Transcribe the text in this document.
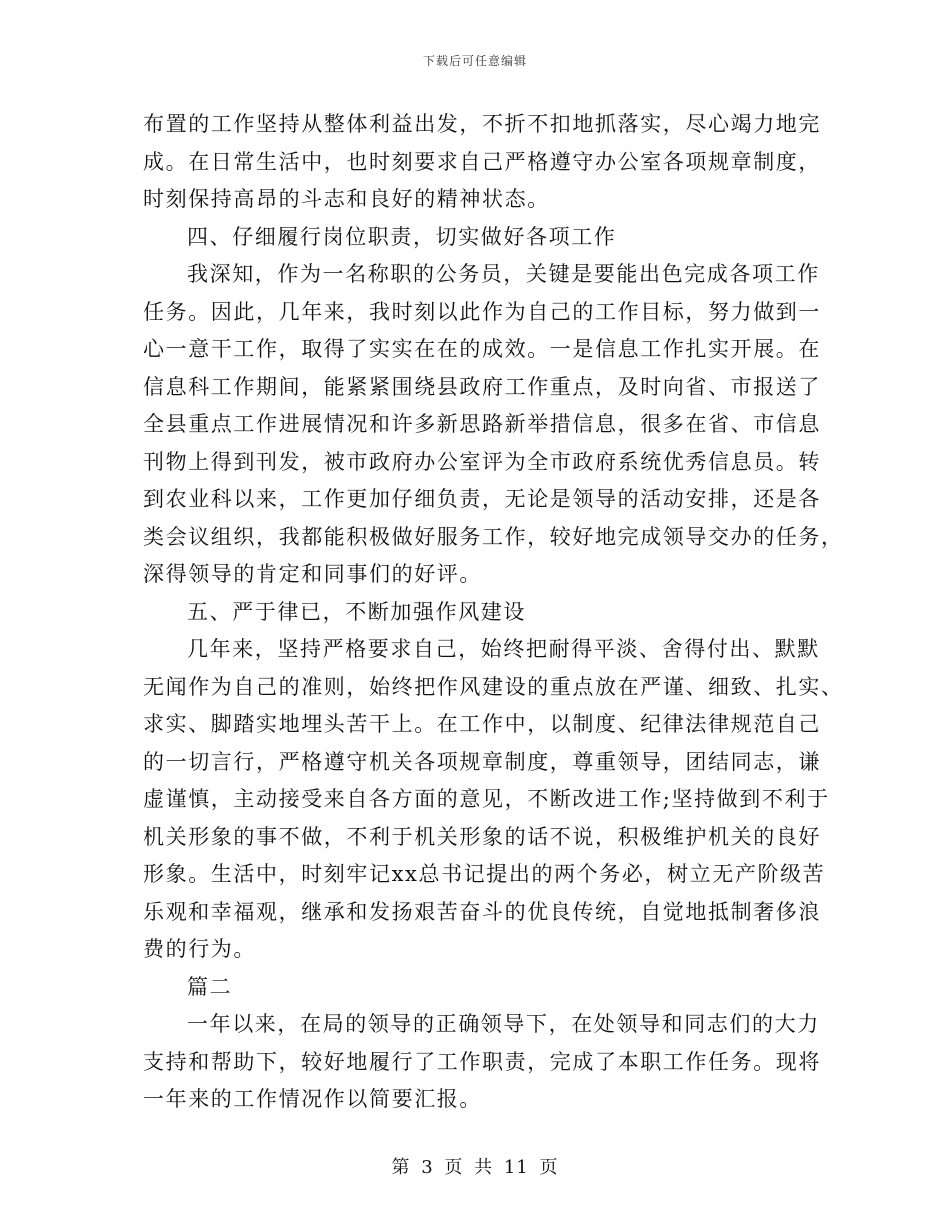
下载后可任意编辑
布置的工作坚持从整体利益出发，不折不扣地抓落实，尽心竭力地完
成。在日常生活中，也时刻要求自己严格遵守办公室各项规章制度，
时刻保持高昂的斗志和良好的精神状态。
四、仔细履行岗位职责，切实做好各项工作
我深知，作为一名称职的公务员，关键是要能出色完成各项工作
任务。因此，几年来，我时刻以此作为自己的工作目标，努力做到一
心一意干工作，取得了实实在在的成效。一是信息工作扎实开展。在
信息科工作期间，能紧紧围绕县政府工作重点，及时向省、市报送了
全县重点工作进展情况和许多新思路新举措信息，很多在省、市信息
刊物上得到刊发，被市政府办公室评为全市政府系统优秀信息员。转
到农业科以来，工作更加仔细负责，无论是领导的活动安排，还是各
类会议组织，我都能积极做好服务工作，较好地完成领导交办的任务，
深得领导的肯定和同事们的好评。
五、严于律已，不断加强作风建设
几年来，坚持严格要求自己，始终把耐得平淡、舍得付出、默默
无闻作为自己的准则，始终把作风建设的重点放在严谨、细致、扎实、
求实、脚踏实地埋头苦干上。在工作中，以制度、纪律法律规范自己
的一切言行，严格遵守机关各项规章制度，尊重领导，团结同志，谦
虚谨慎，主动接受来自各方面的意见，不断改进工作;坚持做到不利于
机关形象的事不做，不利于机关形象的话不说，积极维护机关的良好
形象。生活中，时刻牢记xx总书记提出的两个务必，树立无产阶级苦
乐观和幸福观，继承和发扬艰苦奋斗的优良传统，自觉地抵制奢侈浪
费的行为。
篇二
一年以来，在局的领导的正确领导下，在处领导和同志们的大力
支持和帮助下，较好地履行了工作职责，完成了本职工作任务。现将
一年来的工作情况作以简要汇报。
第 3 页 共 11 页
